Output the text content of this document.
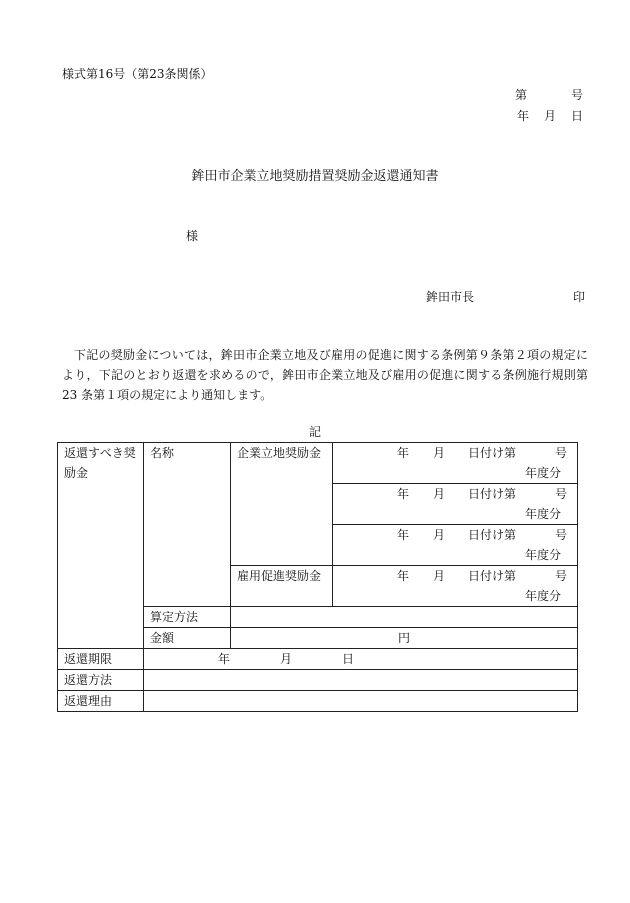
様式第16号（第23条関係）
第	号
年 月 日
鉾田市企業立地奨励措置奨励金返還通知書
様
鉾田市長	印
下記の奨励金については，鉾田市企業立地及び雇用の促進に関する条例第９条第２項の規定により，下記のとおり返還を求めるので，鉾田市企業立地及び雇用の促進に関する条例施行規則第23 条第１項の規定により通知します。
記
返還すべき奨励金	名称	企業立地奨励金	年 月 日付け第 号
年度分

			年 月 日付け第 号
年度分

			年 月 日付け第 号
年度分

		雇用促進奨励金	年 月 日付け第 号
年度分

	算定方法		
	金額	円	
返還期限	年 月 日		

返還方法			
返還理由			
